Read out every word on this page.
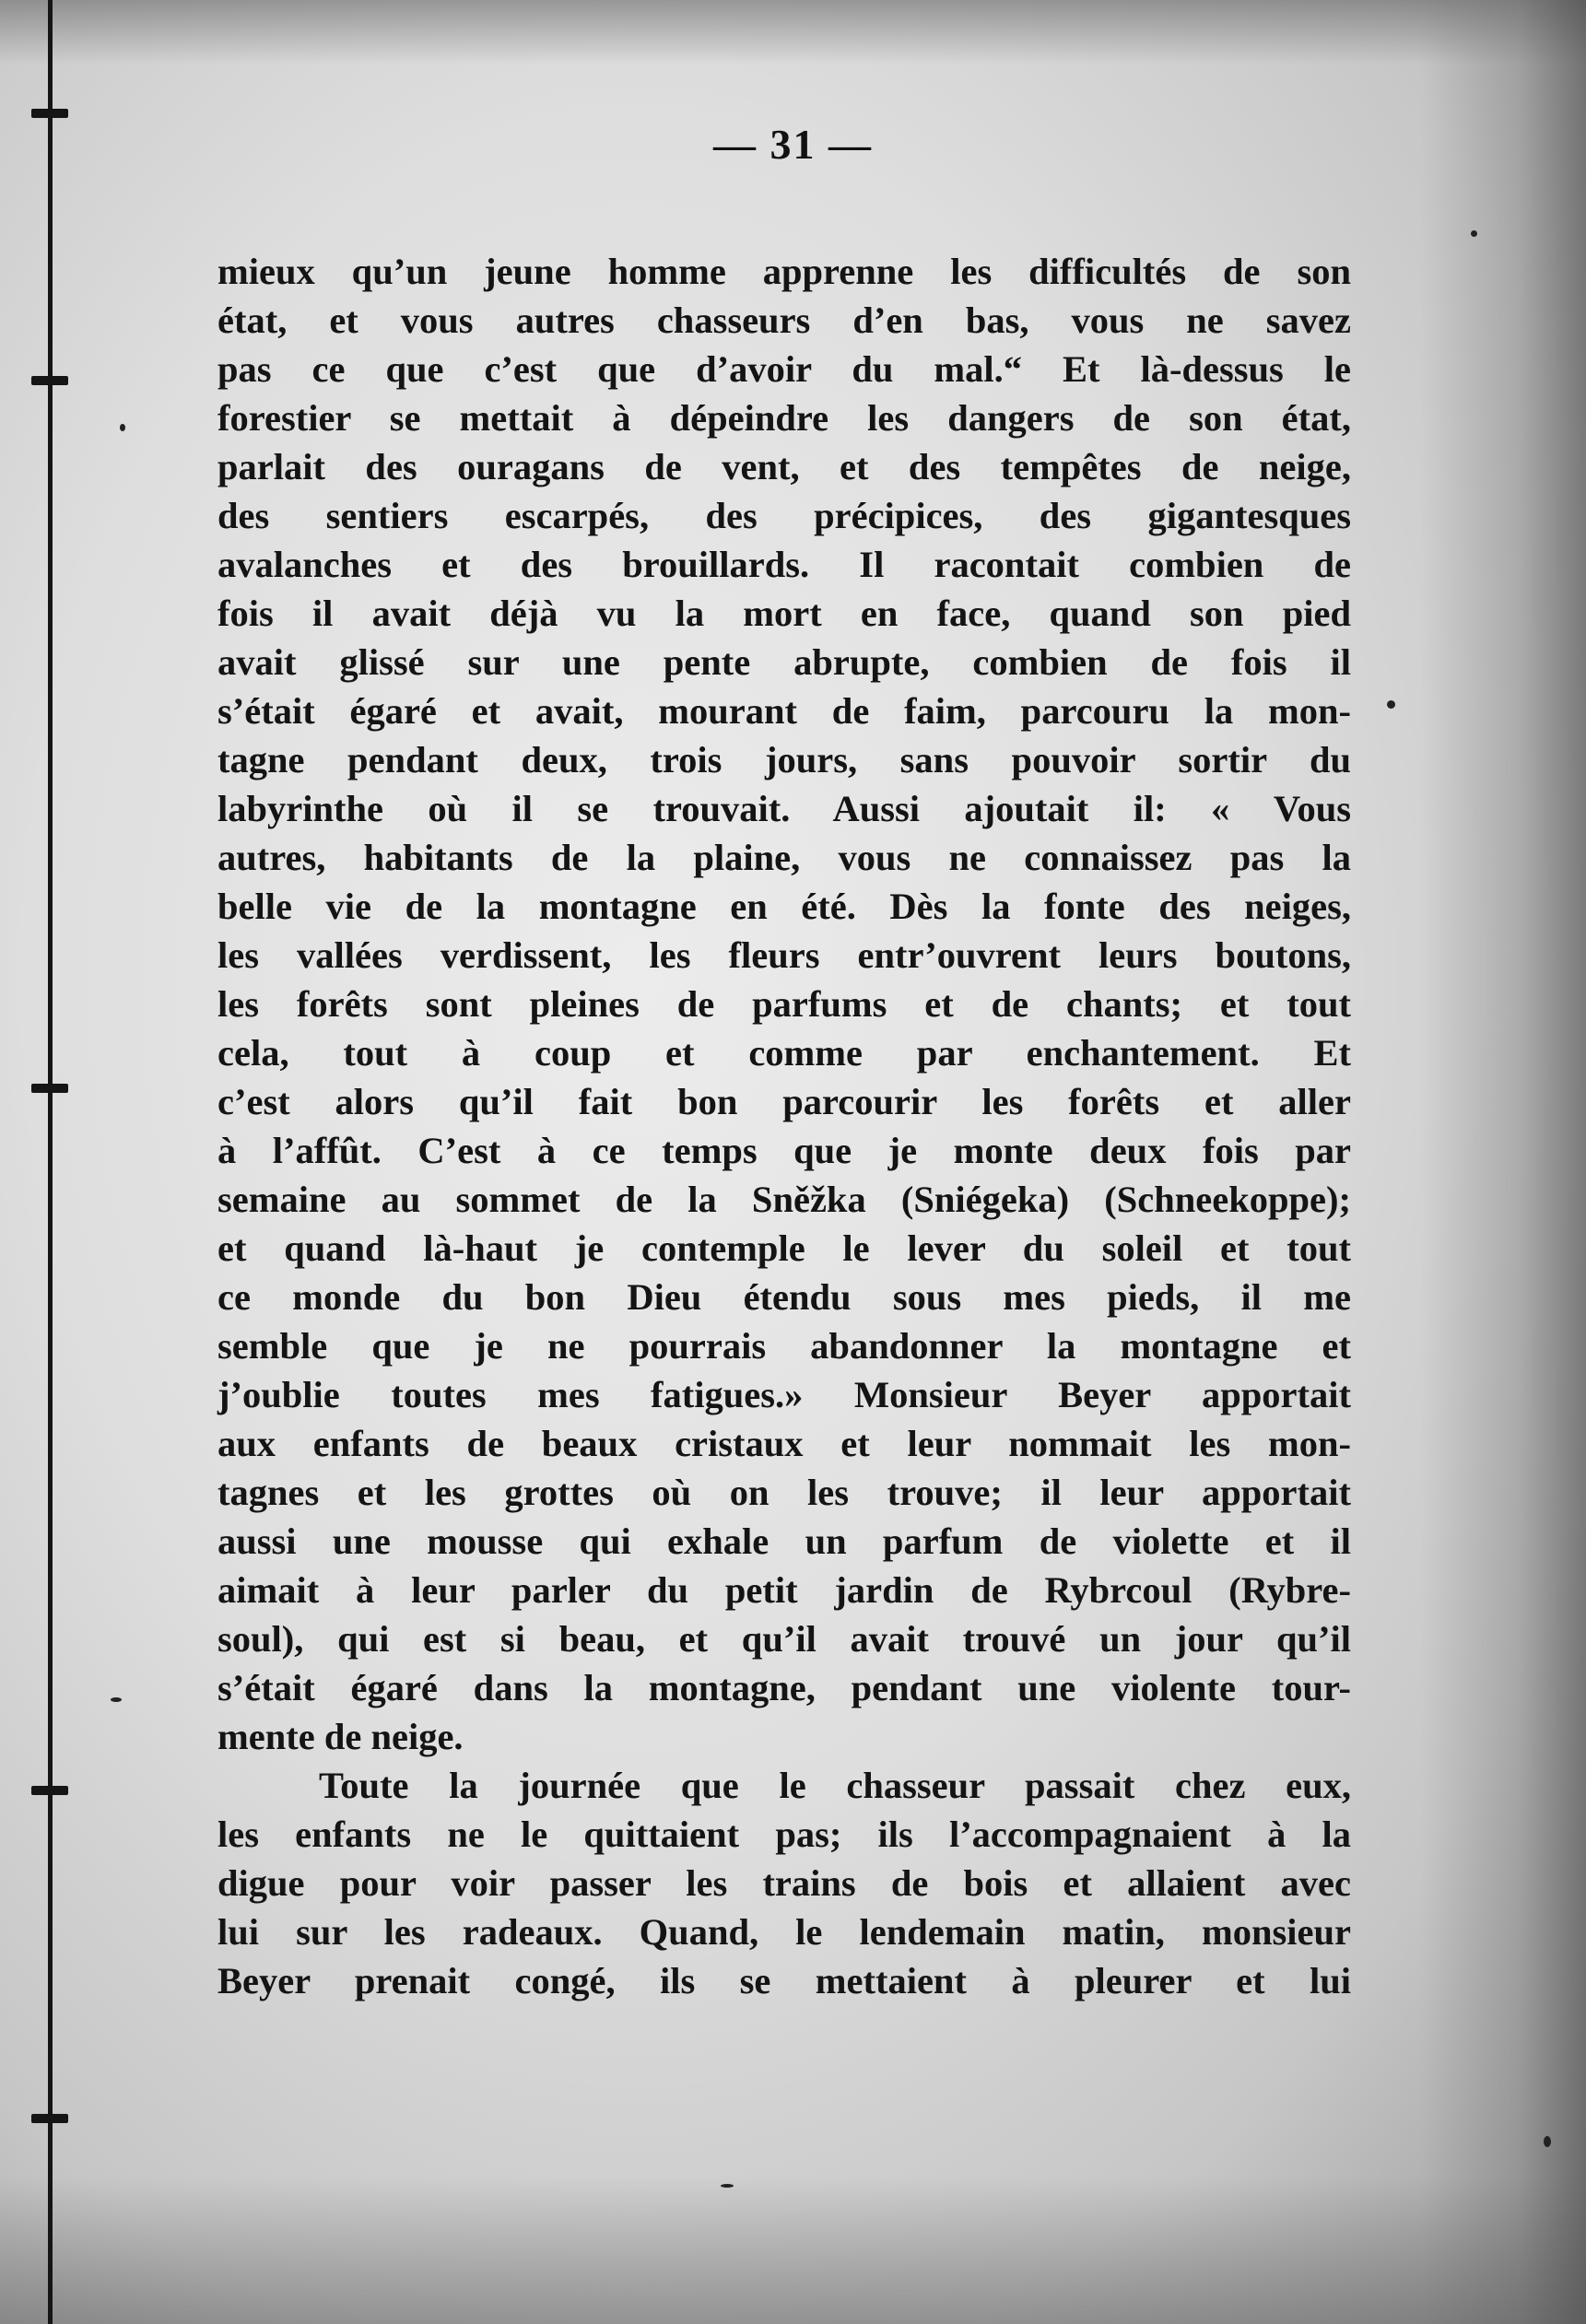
— 31 —
mieux qu’un jeune homme apprenne les difficultés de son
état, et vous autres chasseurs d’en bas, vous ne savez
pas ce que c’est que d’avoir du mal.“ Et là-dessus le
forestier se mettait à dépeindre les dangers de son état,
parlait des ouragans de vent, et des tempêtes de neige,
des sentiers escarpés, des précipices, des gigantesques
avalanches et des brouillards. Il racontait combien de
fois il avait déjà vu la mort en face, quand son pied
avait glissé sur une pente abrupte, combien de fois il
s’était égaré et avait, mourant de faim, parcouru la mon-
tagne pendant deux, trois jours, sans pouvoir sortir du
labyrinthe où il se trouvait. Aussi ajoutait il: « Vous
autres, habitants de la plaine, vous ne connaissez pas la
belle vie de la montagne en été. Dès la fonte des neiges,
les vallées verdissent, les fleurs entr’ouvrent leurs boutons,
les forêts sont pleines de parfums et de chants; et tout
cela, tout à coup et comme par enchantement. Et
c’est alors qu’il fait bon parcourir les forêts et aller
à l’affût. C’est à ce temps que je monte deux fois par
semaine au sommet de la Sněžka (Sniégeka) (Schneekoppe);
et quand là-haut je contemple le lever du soleil et tout
ce monde du bon Dieu étendu sous mes pieds, il me
semble que je ne pourrais abandonner la montagne et
j’oublie toutes mes fatigues.» Monsieur Beyer apportait
aux enfants de beaux cristaux et leur nommait les mon-
tagnes et les grottes où on les trouve; il leur apportait
aussi une mousse qui exhale un parfum de violette et il
aimait à leur parler du petit jardin de Rybrcoul (Rybre-
soul), qui est si beau, et qu’il avait trouvé un jour qu’il
s’était égaré dans la montagne, pendant une violente tour-
mente de neige.
Toute la journée que le chasseur passait chez eux,
les enfants ne le quittaient pas; ils l’accompagnaient à la
digue pour voir passer les trains de bois et allaient avec
lui sur les radeaux. Quand, le lendemain matin, monsieur
Beyer prenait congé, ils se mettaient à pleurer et lui
